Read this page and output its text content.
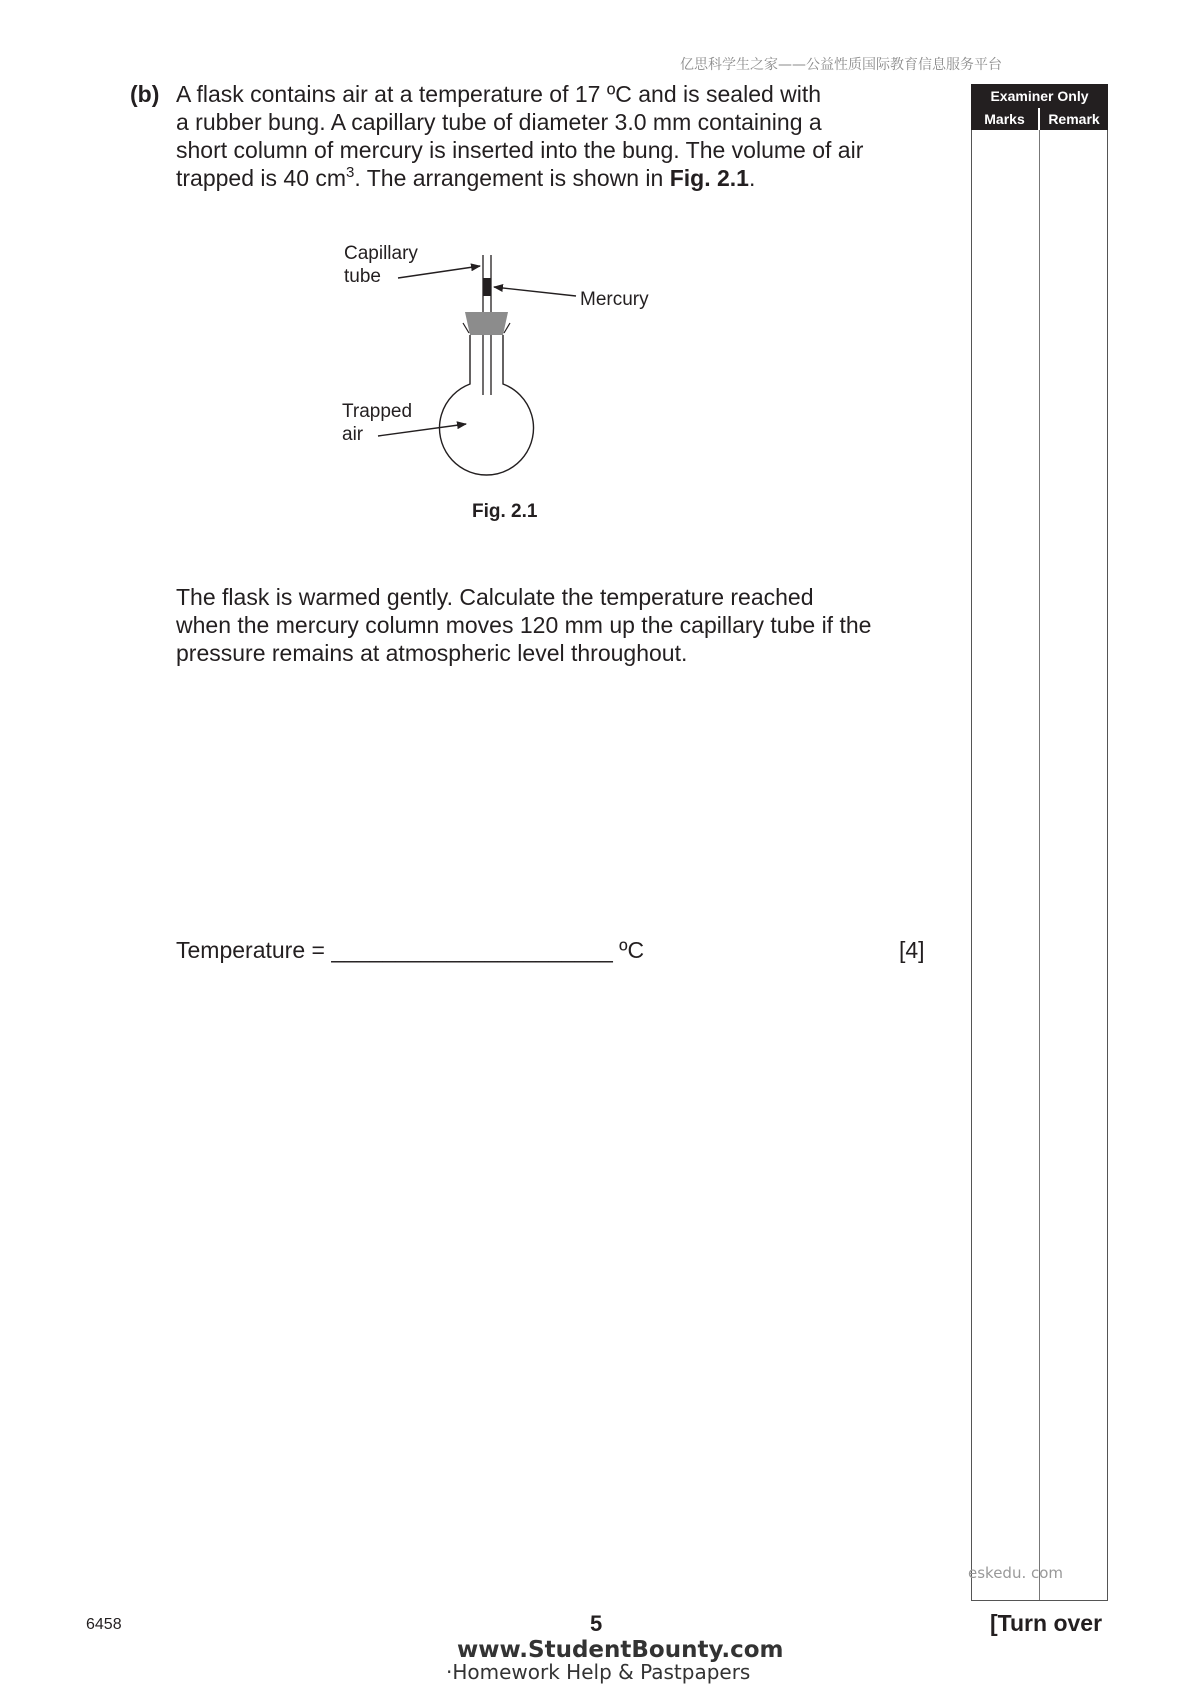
亿思科学生之家——公益性质国际教育信息服务平台
(b) A flask contains air at a temperature of 17 ºC and is sealed with

a rubber bung. A capillary tube of diameter 3.0 mm containing a

short column of mercury is inserted into the bung. The volume of air

trapped is 40 $cm^3$. The arrangement is shown in Fig. 2.1.

Examiner Only
Marks	Remark
eskedu. com
Capillary
tube
Mercury
Trapped
air
Fig. 2.1

The flask is warmed gently. Calculate the temperature reached

when the mercury column moves 120 mm up the capillary tube if the

pressure remains at atmospheric level throughout.

Temperature = ______________________ ºC	[4]
6458	5	[Turn over
www.StudentBounty.com
·Homework Help & Pastpapers
